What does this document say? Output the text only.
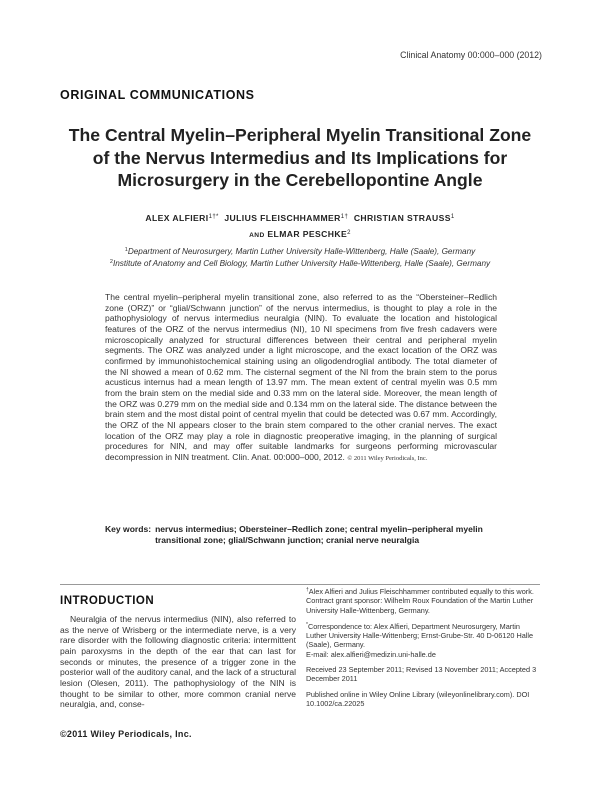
Clinical Anatomy 00:000–000 (2012)
ORIGINAL COMMUNICATIONS
The Central Myelin–Peripheral Myelin Transitional Zone of the Nervus Intermedius and Its Implications for Microsurgery in the Cerebellopontine Angle
ALEX $ALFIERI^{1\dagger*}$ JULIUS $FLEISCHHAMMER^{1\dagger}$ CHRISTIAN STRAUSS$^1$
AND ELMAR PESCHKE$^2$
$^1$Department of Neurosurgery, Martin Luther University Halle-Wittenberg, Halle (Saale), Germany
$^2$Institute of Anatomy and Cell Biology, Martin Luther University Halle-Wittenberg, Halle (Saale), Germany
The central myelin–peripheral myelin transitional zone, also referred to as the “Obersteiner–Redlich zone (ORZ)” or “glial/Schwann junction” of the nervus intermedius, is thought to play a role in the pathophysiology of nervus intermedius neuralgia (NIN). To evaluate the location and histological features of the ORZ of the nervus intermedius (NI), 10 NI specimens from five fresh cadavers were microscopically analyzed for structural differences between their central and peripheral myelin segments. The ORZ was analyzed under a light microscope, and the exact location of the ORZ was confirmed by immunohistochemical staining using an oligodendroglial antibody. The total diameter of the NI showed a mean of 0.62 mm. The cisternal segment of the NI from the brain stem to the porus acusticus internus had a mean length of 13.97 mm. The mean extent of central myelin was 0.5 mm from the brain stem on the medial side and 0.33 mm on the lateral side. Moreover, the mean length of the ORZ was 0.279 mm on the medial side and 0.134 mm on the lateral side. The distance between the brain stem and the most distal point of central myelin that could be detected was 0.67 mm. Accordingly, the ORZ of the NI appears closer to the brain stem compared to the other cranial nerves. The exact location of the ORZ may play a role in diagnostic preoperative imaging, in the planning of surgical procedures for NIN, and may offer suitable landmarks for surgeons performing microvascular decompression in NIN treatment. Clin. Anat. 00:000–000, 2012. © 2011 Wiley Periodicals, Inc.
Key words: nervus intermedius; Obersteiner–Redlich zone; central myelin–peripheral myelin transitional zone; glial/Schwann junction; cranial nerve neuralgia
INTRODUCTION
Neuralgia of the nervus intermedius (NIN), also referred to as the nerve of Wrisberg or the intermediate nerve, is a very rare disorder with the following diagnostic criteria: intermittent pain paroxysms in the depth of the ear that can last for seconds or minutes, the presence of a trigger zone in the posterior wall of the auditory canal, and the lack of a structural lesion (Olesen, 2011). The pathophysiology of the NIN is thought to be similar to other, more common cranial nerve neuralgia, and, conse-

†Alex Alfieri and Julius Fleischhammer contributed equally to this work.

Contract grant sponsor: Wilhelm Roux Foundation of the Martin Luther University Halle-Wittenberg, Germany.

*Correspondence to: Alex Alfieri, Department Neurosurgery, Martin Luther University Halle-Wittenberg; Ernst-Grube-Str. 40 D-06120 Halle (Saale), Germany.

E-mail: alex.alfieri@medizin.uni-halle.de

Received 23 September 2011; Revised 13 November 2011; Accepted 3 December 2011

Published online in Wiley Online Library (wileyonlinelibrary.com). DOI 10.1002/ca.22025

©2011 Wiley Periodicals, Inc.
